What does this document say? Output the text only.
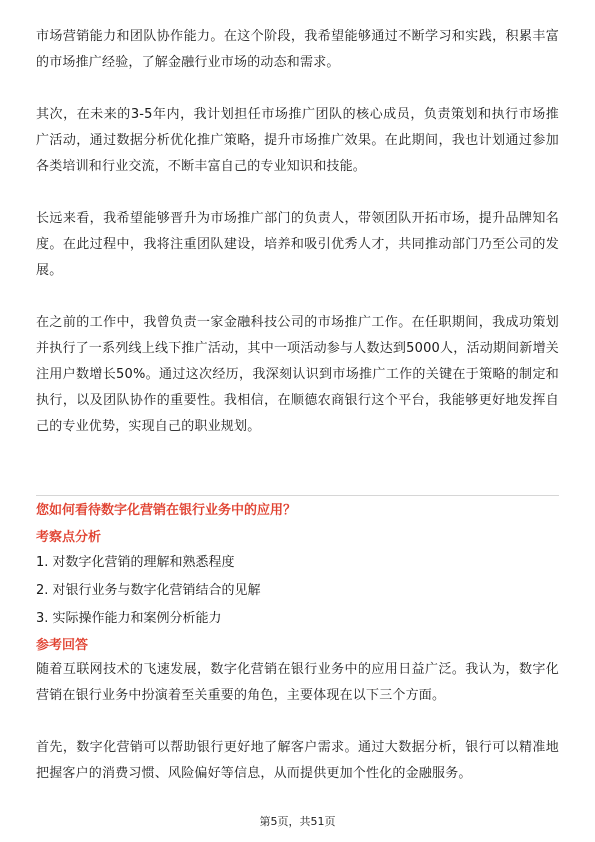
市场营销能力和团队协作能力。在这个阶段，我希望能够通过不断学习和实践，积累丰富的市场推广经验，了解金融行业市场的动态和需求。

其次，在未来的3-5年内，我计划担任市场推广团队的核心成员，负责策划和执行市场推广活动，通过数据分析优化推广策略，提升市场推广效果。在此期间，我也计划通过参加各类培训和行业交流，不断丰富自己的专业知识和技能。

长远来看，我希望能够晋升为市场推广部门的负责人，带领团队开拓市场，提升品牌知名度。在此过程中，我将注重团队建设，培养和吸引优秀人才，共同推动部门乃至公司的发展。

在之前的工作中，我曾负责一家金融科技公司的市场推广工作。在任职期间，我成功策划并执行了一系列线上线下推广活动，其中一项活动参与人数达到5000人，活动期间新增关注用户数增长50%。通过这次经历，我深刻认识到市场推广工作的关键在于策略的制定和执行，以及团队协作的重要性。我相信，在顺德农商银行这个平台，我能够更好地发挥自己的专业优势，实现自己的职业规划。

您如何看待数字化营销在银行业务中的应用？

考察点分析

1. 对数字化营销的理解和熟悉程度
2. 对银行业务与数字化营销结合的见解
3. 实际操作能力和案例分析能力

参考回答

随着互联网技术的飞速发展，数字化营销在银行业务中的应用日益广泛。我认为，数字化营销在银行业务中扮演着至关重要的角色，主要体现在以下三个方面。

首先，数字化营销可以帮助银行更好地了解客户需求。通过大数据分析，银行可以精准地把握客户的消费习惯、风险偏好等信息，从而提供更加个性化的金融服务。

第5页，共51页
